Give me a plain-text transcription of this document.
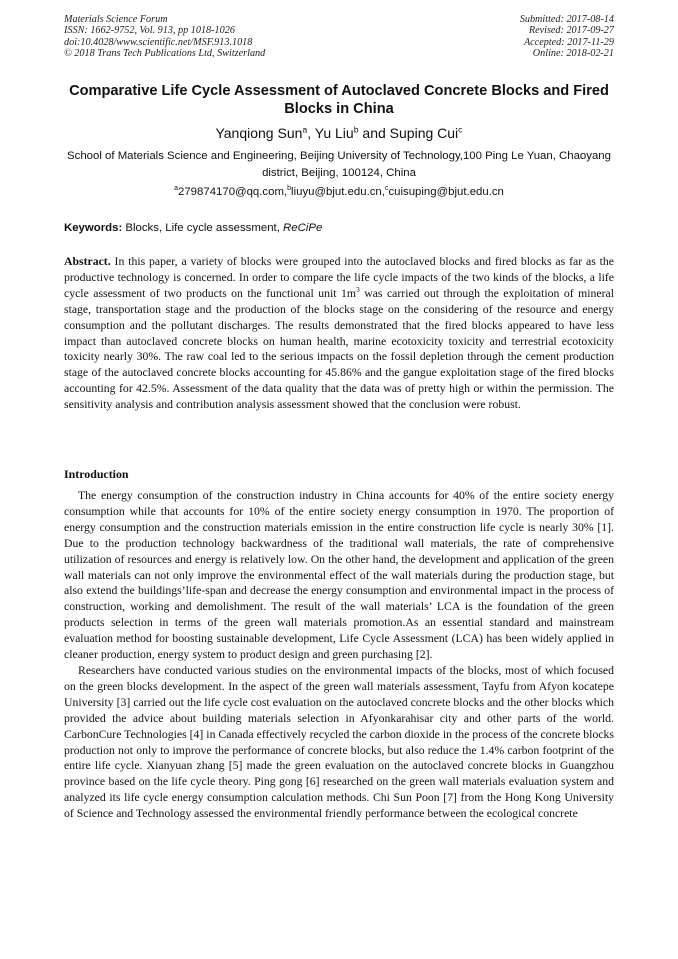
Materials Science Forum
ISSN: 1662-9752, Vol. 913, pp 1018-1026
doi:10.4028/www.scientific.net/MSF.913.1018
© 2018 Trans Tech Publications Ltd, Switzerland
Submitted: 2017-08-14
Revised: 2017-09-27
Accepted: 2017-11-29
Online: 2018-02-21
Comparative Life Cycle Assessment of Autoclaved Concrete Blocks and Fired Blocks in China
Yanqiong Sun$^a$, Yu Liu$^b$ and Suping Cui$^c$
School of Materials Science and Engineering, Beijing University of Technology,100 Ping Le Yuan, Chaoyang district, Beijing, 100124, China
$^a$279874170@qq.com,$^b$liuyu@bjut.edu.cn,$^c$cuisuping@bjut.edu.cn
Keywords: Blocks, Life cycle assessment, ReCiPe
Abstract. In this paper, a variety of blocks were grouped into the autoclaved blocks and fired blocks as far as the productive technology is concerned. In order to compare the life cycle impacts of the two kinds of the blocks, a life cycle assessment of two products on the functional unit $1m^3$ was carried out through the exploitation of mineral stage, transportation stage and the production of the blocks stage on the considering of the resource and energy consumption and the pollutant discharges. The results demonstrated that the fired blocks appeared to have less impact than autoclaved concrete blocks on human health, marine ecotoxicity toxicity and terrestrial ecotoxicity toxicity nearly 30%. The raw coal led to the serious impacts on the fossil depletion through the cement production stage of the autoclaved concrete blocks accounting for 45.86% and the gangue exploitation stage of the fired blocks accounting for 42.5%. Assessment of the data quality that the data was of pretty high or within the permission. The sensitivity analysis and contribution analysis assessment showed that the conclusion were robust.
Introduction

The energy consumption of the construction industry in China accounts for 40% of the entire society energy consumption while that accounts for 10% of the entire society energy consumption in 1970. The proportion of energy consumption and the construction materials emission in the entire construction life cycle is nearly 30% [1]. Due to the production technology backwardness of the traditional wall materials, the rate of comprehensive utilization of resources and energy is relatively low. On the other hand, the development and application of the green wall materials can not only improve the environmental effect of the wall materials during the production stage, but also extend the buildings’life-span and decrease the energy consumption and environmental impact in the process of construction, working and demolishment. The result of the wall materials’ LCA is the foundation of the green products selection in terms of the green wall materials promotion.As an essential standard and mainstream evaluation method for boosting sustainable development, Life Cycle Assessment (LCA) has been widely applied in cleaner production, energy system to product design and green purchasing [2].

Researchers have conducted various studies on the environmental impacts of the blocks, most of which focused on the green blocks development. In the aspect of the green wall materials assessment, Tayfu from Afyon kocatepe University [3] carried out the life cycle cost evaluation on the autoclaved concrete blocks and the other blocks which provided the advice about building materials selection in Afyonkarahisar city and other parts of the world. CarbonCure Technologies [4] in Canada effectively recycled the carbon dioxide in the process of the concrete blocks production not only to improve the performance of concrete blocks, but also reduce the 1.4% carbon footprint of the entire life cycle. Xianyuan zhang [5] made the green evaluation on the autoclaved concrete blocks in Guangzhou province based on the life cycle theory. Ping gong [6] researched on the green wall materials evaluation system and analyzed its life cycle energy consumption calculation methods. Chi Sun Poon [7] from the Hong Kong University of Science and Technology assessed the environmental friendly performance between the ecological concrete
